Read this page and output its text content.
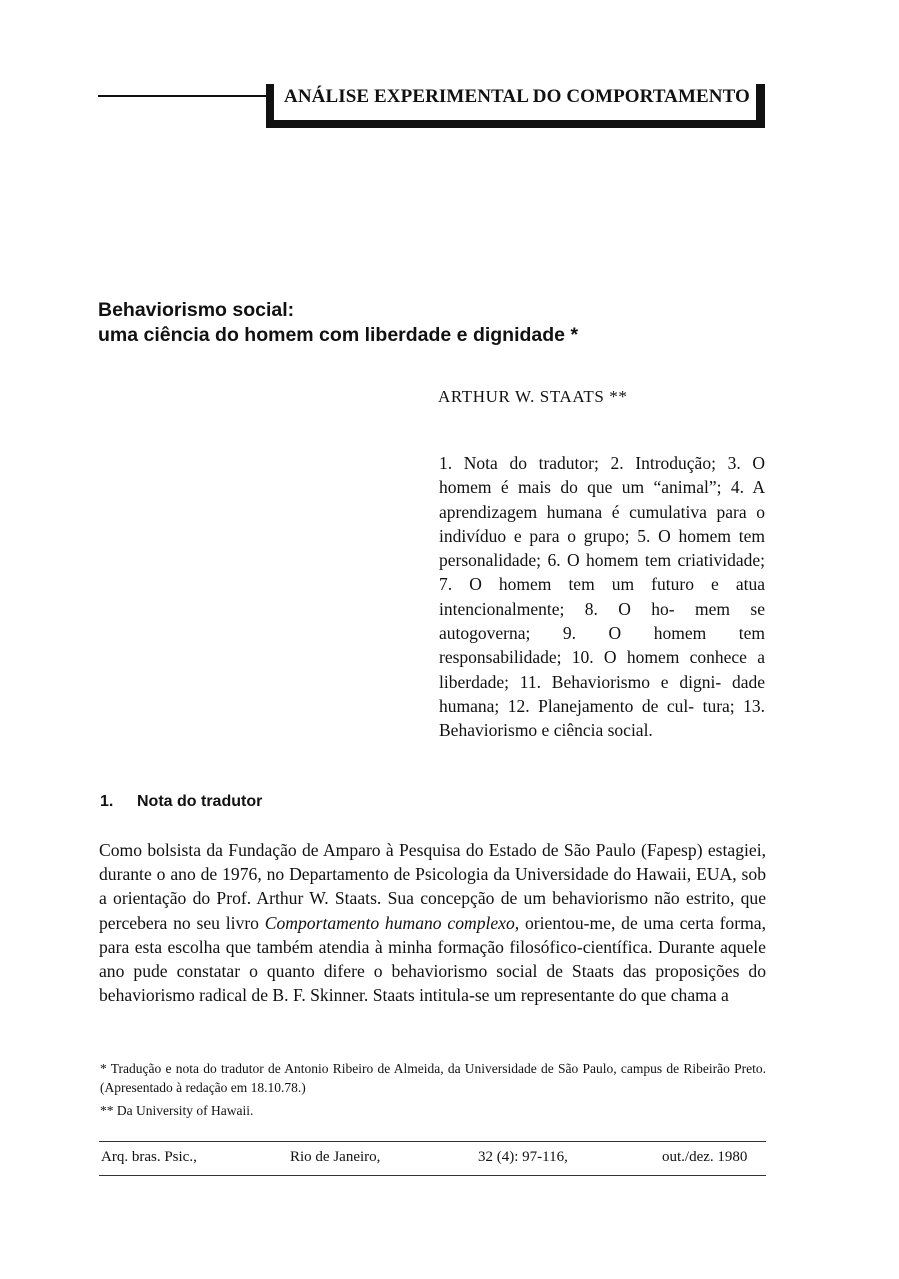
ANÁLISE EXPERIMENTAL DO COMPORTAMENTO
Behaviorismo social:
uma ciência do homem com liberdade e dignidade *
ARTHUR W. STAATS **
1. Nota do tradutor; 2. Introdução; 3. O homem é mais do que um “animal”; 4. A aprendizagem humana é cumulativa para o indivíduo e para o grupo; 5. O homem tem personalidade; 6. O homem tem criatividade; 7. O homem tem um futuro e atua intencionalmente; 8. O ho- mem se autogoverna; 9. O homem tem responsabilidade; 10. O homem conhece a liberdade; 11. Behaviorismo e digni- dade humana; 12. Planejamento de cul- tura; 13. Behaviorismo e ciência social.
1. Nota do tradutor
Como bolsista da Fundação de Amparo à Pesquisa do Estado de São Paulo (Fapesp) estagiei, durante o ano de 1976, no Departamento de Psicologia da Universidade do Hawaii, EUA, sob a orientação do Prof. Arthur W. Staats. Sua concepção de um behaviorismo não estrito, que percebera no seu livro Comportamento humano complexo, orientou-me, de uma certa forma, para esta escolha que também atendia à minha formação filosófico-científica. Durante aquele ano pude constatar o quanto difere o behaviorismo social de Staats das proposições do behaviorismo radical de B. F. Skinner. Staats intitula-se um representante do que chama a
* Tradução e nota do tradutor de Antonio Ribeiro de Almeida, da Universidade de São Paulo, campus de Ribeirão Preto. (Apresentado à redação em 18.10.78.)
** Da University of Hawaii.
Arq. bras. Psic.,	Rio de Janeiro,	32 (4): 97-116,	out./dez. 1980
